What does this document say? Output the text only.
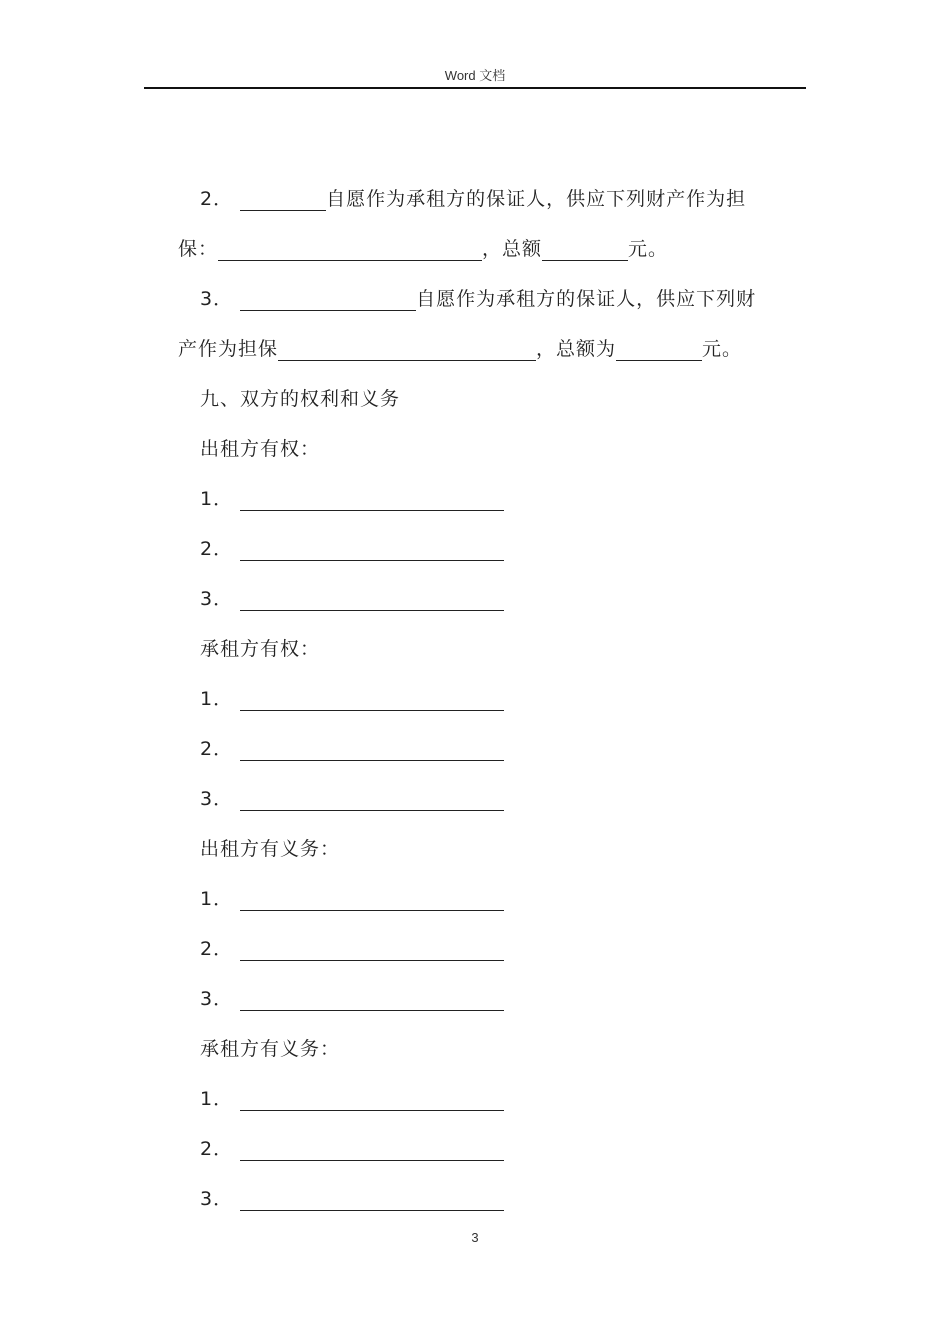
Word 文档
2．	自愿作为承租方的保证人，供应下列财产作为担
保：	，总额	元。
3．	自愿作为承租方的保证人，供应下列财
产作为担保	，总额为	元。
九、双方的权利和义务
出租方有权：
1．
2．
3．
承租方有权：
1．
2．
3．
出租方有义务：
1．
2．
3．
承租方有义务：
1．
2．
3．
3
